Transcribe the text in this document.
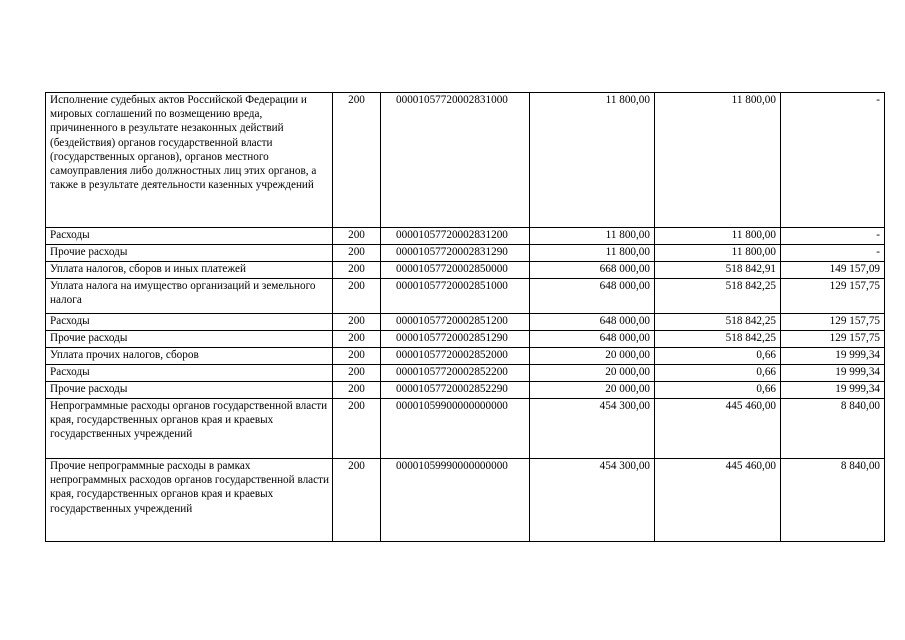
Исполнение судебных актов Российской Федерации и мировых соглашений по возмещению вреда, причиненного в результате незаконных действий (бездействия) органов государственной власти (государственных органов), органов местного самоуправления либо должностных лиц этих органов, а также в результате деятельности казенных учреждений	200	00001057720002831000	11 800,00	11 800,00	-
Расходы	200	00001057720002831200	11 800,00	11 800,00	-
Прочие расходы	200	00001057720002831290	11 800,00	11 800,00	-
Уплата налогов, сборов и иных платежей	200	00001057720002850000	668 000,00	518 842,91	149 157,09
Уплата налога на имущество организаций и земельного налога	200	00001057720002851000	648 000,00	518 842,25	129 157,75
Расходы	200	00001057720002851200	648 000,00	518 842,25	129 157,75
Прочие расходы	200	00001057720002851290	648 000,00	518 842,25	129 157,75
Уплата прочих налогов, сборов	200	00001057720002852000	20 000,00	0,66	19 999,34
Расходы	200	00001057720002852200	20 000,00	0,66	19 999,34
Прочие расходы	200	00001057720002852290	20 000,00	0,66	19 999,34
Непрограммные расходы органов государственной власти края, государственных органов края и краевых государственных учреждений	200	00001059900000000000	454 300,00	445 460,00	8 840,00
Прочие непрограммные расходы в рамках непрограммных расходов органов государственной власти края, государственных органов края и краевых государственных учреждений	200	00001059990000000000	454 300,00	445 460,00	8 840,00
